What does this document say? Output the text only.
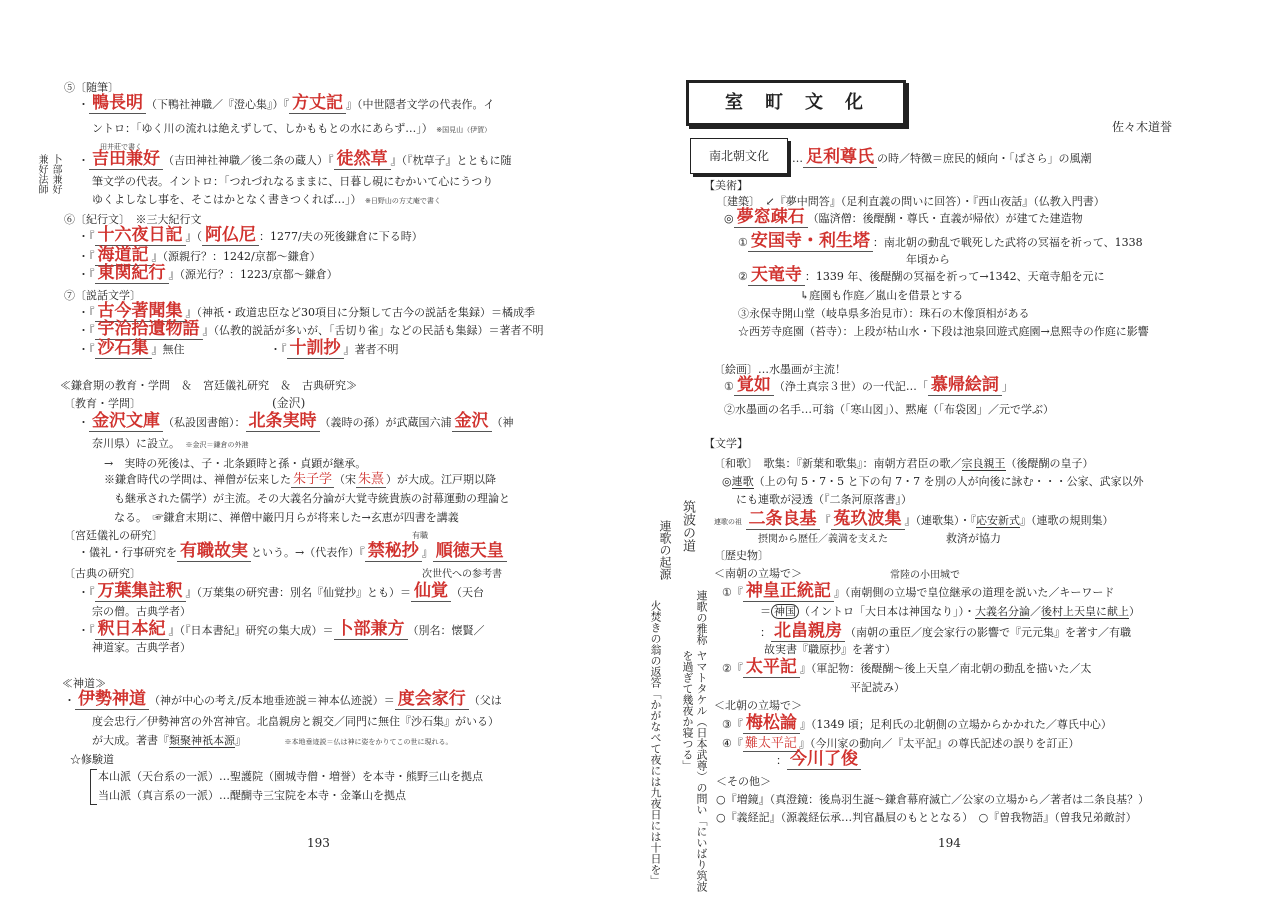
⑤〔随筆〕
・ 鴨長明 （下鴨社神職／『澄心集』）『 方丈記 』（中世隠者文学の代表作。イ
ントロ：「ゆく川の流れは絶えずして、しかももとの水にあらず…」） ※国見山（伊賀）
田井莊で書く
・ 吉田兼好 （吉田神社神職／後二条の蔵人）『 徒然草 』（『枕草子』とともに随
筆文学の代表。イントロ：「つれづれなるままに、日暮し硯にむかいて心にうつり
ゆくよしなし事を、そこはかとなく書きつくれば…」） ※日野山の方丈庵で書く
卜部兼好 兼好法師
⑥〔紀行文〕　※三大紀行文
・『 十六夜日記 』（ 阿仏尼 ：1277/夫の死後鎌倉に下る時）
・『 海道記 』（源親行？：1242/京都～鎌倉）
・『 東関紀行 』（源光行？：1223/京都～鎌倉）
⑦〔説話文学〕
・『 古今著聞集 』（神祇・政道忠臣など30項目に分類して古今の説話を集録）＝橘成季
・『 宇治拾遺物語 』（仏教的説話が多いが、「舌切り雀」などの民話も集録）＝著者不明
・『 沙石集 』無住	・『 十訓抄 』著者不明
≪鎌倉期の教育・学問　＆　宮廷儀礼研究　＆　古典研究≫
〔教育・学問〕	(金沢)
・ 金沢文庫 （私設図書館）： 北条実時 （義時の孫）が武蔵国六浦 金沢 （神
奈川県）に設立。　 ※金沢＝鎌倉の外港
→　実時の死後は、子・北条顕時と孫・貞顕が継承。
※鎌倉時代の学問は、禅僧が伝来した 朱子学 （宋 朱熹 ）が大成。江戸期以降
も継承された儒学）が主流。その大義名分論が大覚寺統貴族の討幕運動の理論と
なる。　☞鎌倉末期に、禅僧中巌円月らが将来した→玄恵が四書を講義
〔宮廷儀礼の研究〕	有職
・儀礼・行事研究を 有職故実 という。→（代表作）『 禁秘抄 』 順徳天皇
次世代への参考書
〔古典の研究〕
・『 万葉集註釈 』（万葉集の研究書：別名『仙覚抄』とも）＝ 仙覚 （天台
宗の僧。古典学者）
・『 釈日本紀 』（『日本書紀』研究の集大成）＝ 卜部兼方 （別名：懐賢／
神道家。古典学者）
≪神道≫
・ 伊勢神道 （神が中心の考え/反本地垂迹説＝神本仏迹説）＝ 度会家行 （父は
度会忠行／伊勢神宮の外宮神官。北畠親房と親交／同門に無住『沙石集』がいる）
が大成。著書『類聚神祇本源』　　　　	※本地垂迹説＝仏は神に姿をかりてこの世に現れる。
☆修験道
本山派（天台系の一派）…聖護院（園城寺僧・増誉）を本寺・熊野三山を拠点
当山派（真言系の一派）…醍醐寺三宝院を本寺・金峯山を拠点
193
室町文化
佐々木道誉
南北朝文化	… 足利尊氏 の時／特徴＝庶民的傾向・「ばさら」の風潮
【美術】
〔建築〕　 ↙『夢中問答』（足利直義の問いに回答）・『西山夜話』（仏教入門書）
◎ 夢窓疎石 （臨済僧：後醍醐・尊氏・直義が帰依）が建てた建造物
① 安国寺・利生塔 ：南北朝の動乱で戦死した武将の冥福を祈って、1338
年頃から
② 天竜寺 ：1339 年、後醍醐の冥福を祈って→1342、天竜寺船を元に
↳庭園も作庭／嵐山を借景とする
③永保寺開山堂（岐阜県多治見市）：珠石の木像頂相がある
☆西芳寺庭園（苔寺）：上段が枯山水・下段は池泉回遊式庭園→息熙寺の作庭に影響
〔絵画〕…水墨画が主流！
① 覚如 （浄土真宗３世）の一代記…「 慕帰絵詞 」
②水墨画の名手…可翁（「寒山図」）、黙庵（「布袋図」／元で学ぶ）
【文学】
〔和歌〕　歌集：『新葉和歌集』：南朝方君臣の歌／宗良親王（後醍醐の皇子）
◎連歌（上の句 5・7・5 と下の句 7・7 を別の人が向後に詠む・・・公家、武家以外
にも連歌が浸透（『二条河原落書』）
連歌の祖 二条良基 『 菟玖波集 』（連歌集）・『応安新式』（連歌の規則集）
摂関から歴任／義満を支えた	救済が協力
〔歴史物〕
＜南朝の立場で＞	常陸の小田城で
①『 神皇正統記 』（南朝側の立場で皇位継承の道理を説いた／キーワード
＝ 神国 （イントロ「大日本は神国なり」）・大義名分論／後村上天皇に献上）
： 北畠親房 （南朝の重臣／度会家行の影響で『元元集』を著す／有職
故実書『職原抄』を著す）
②『 太平記 』（軍記物：後醍醐～後上天皇／南北朝の動乱を描いた／太
平記読み）
＜北朝の立場で＞
③『 梅松論 』（1349 頃；足利氏の北朝側の立場からかかれた／尊氏中心）
④『 難太平記 』（今川家の動向／『太平記』の尊氏記述の誤りを訂正）
： 今川了俊
＜その他＞
○『増鏡』（真澄鏡：後鳥羽生誕～鎌倉幕府滅亡／公家の立場から／著者は二条良基？）
○『義経記』（源義経伝承…判官贔屓のもととなる）　○『曽我物語』（曽我兄弟敵討）
194
連歌の起源 筑波の道
連歌の雅称
ヤマトタケル（日本武尊）の問い「にいばり筑波を過ぎて幾夜か寝つる」
火焚きの翁の返答「かがなべて夜には九夜日には十日を」
